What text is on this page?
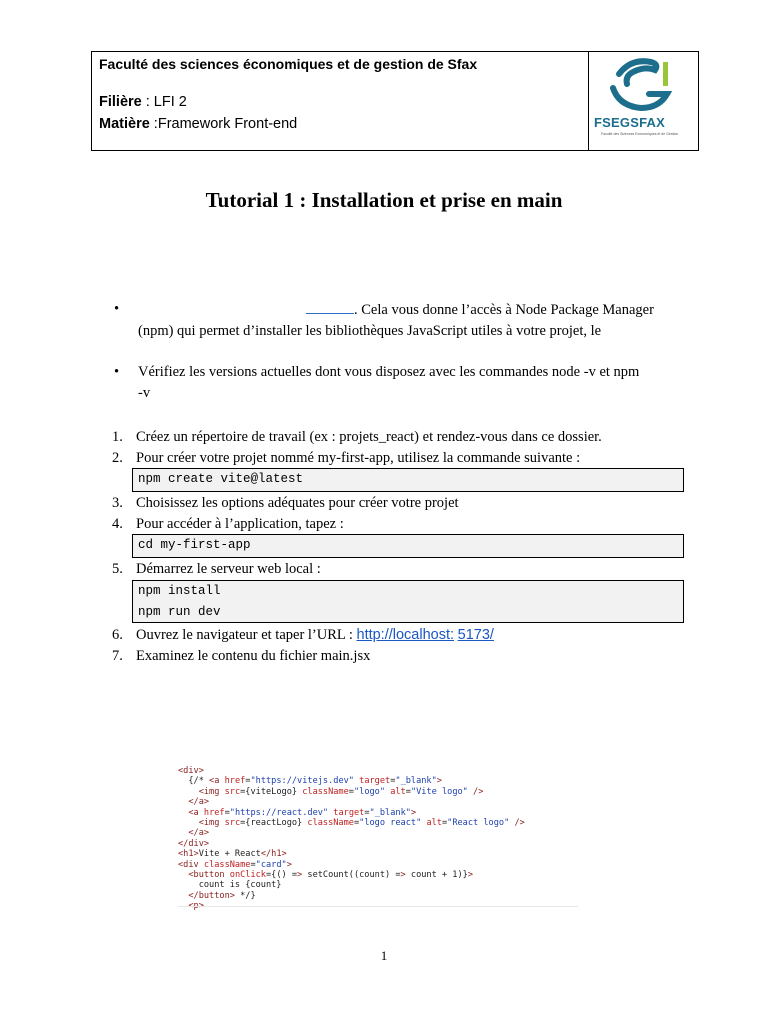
Faculté des sciences économiques et de gestion de Sfax
Filière : LFI 2
Matière :Framework Front-end	FSEGSFAX
Faculté des Sciences Economiques et de Gestion
Tutorial 1 : Installation et prise en main
•	. Cela vous donne l’accès à Node Package Manager
(npm) qui permet d’installer les bibliothèques JavaScript utiles à votre projet, le
• Vérifiez les versions actuelles dont vous disposez avec les commandes node -v et npm
-v
1. Créez un répertoire de travail (ex : projets_react) et rendez-vous dans ce dossier.
2. Pour créer votre projet nommé my-first-app, utilisez la commande suivante :
npm create vite@latest
3. Choisissez les options adéquates pour créer votre projet
4. Pour accéder à l’application, tapez :
cd my-first-app
5. Démarrez le serveur web local :
npm install
npm run dev
6. Ouvrez le navigateur et taper l’URL : http://localhost: 5173/
7. Examinez le contenu du fichier main.jsx
<div>
{/* <a href="https://vitejs.dev" target="_blank">
<img src={viteLogo} className="logo" alt="Vite logo" />
</a>
<a href="https://react.dev" target="_blank">
<img src={reactLogo} className="logo react" alt="React logo" />
</a>
</div>
<h1>Vite + React</h1>
<div className="card">
<button onClick={() => setCount((count) => count + 1)}>
count is {count}
</button> */}
<p>
1
